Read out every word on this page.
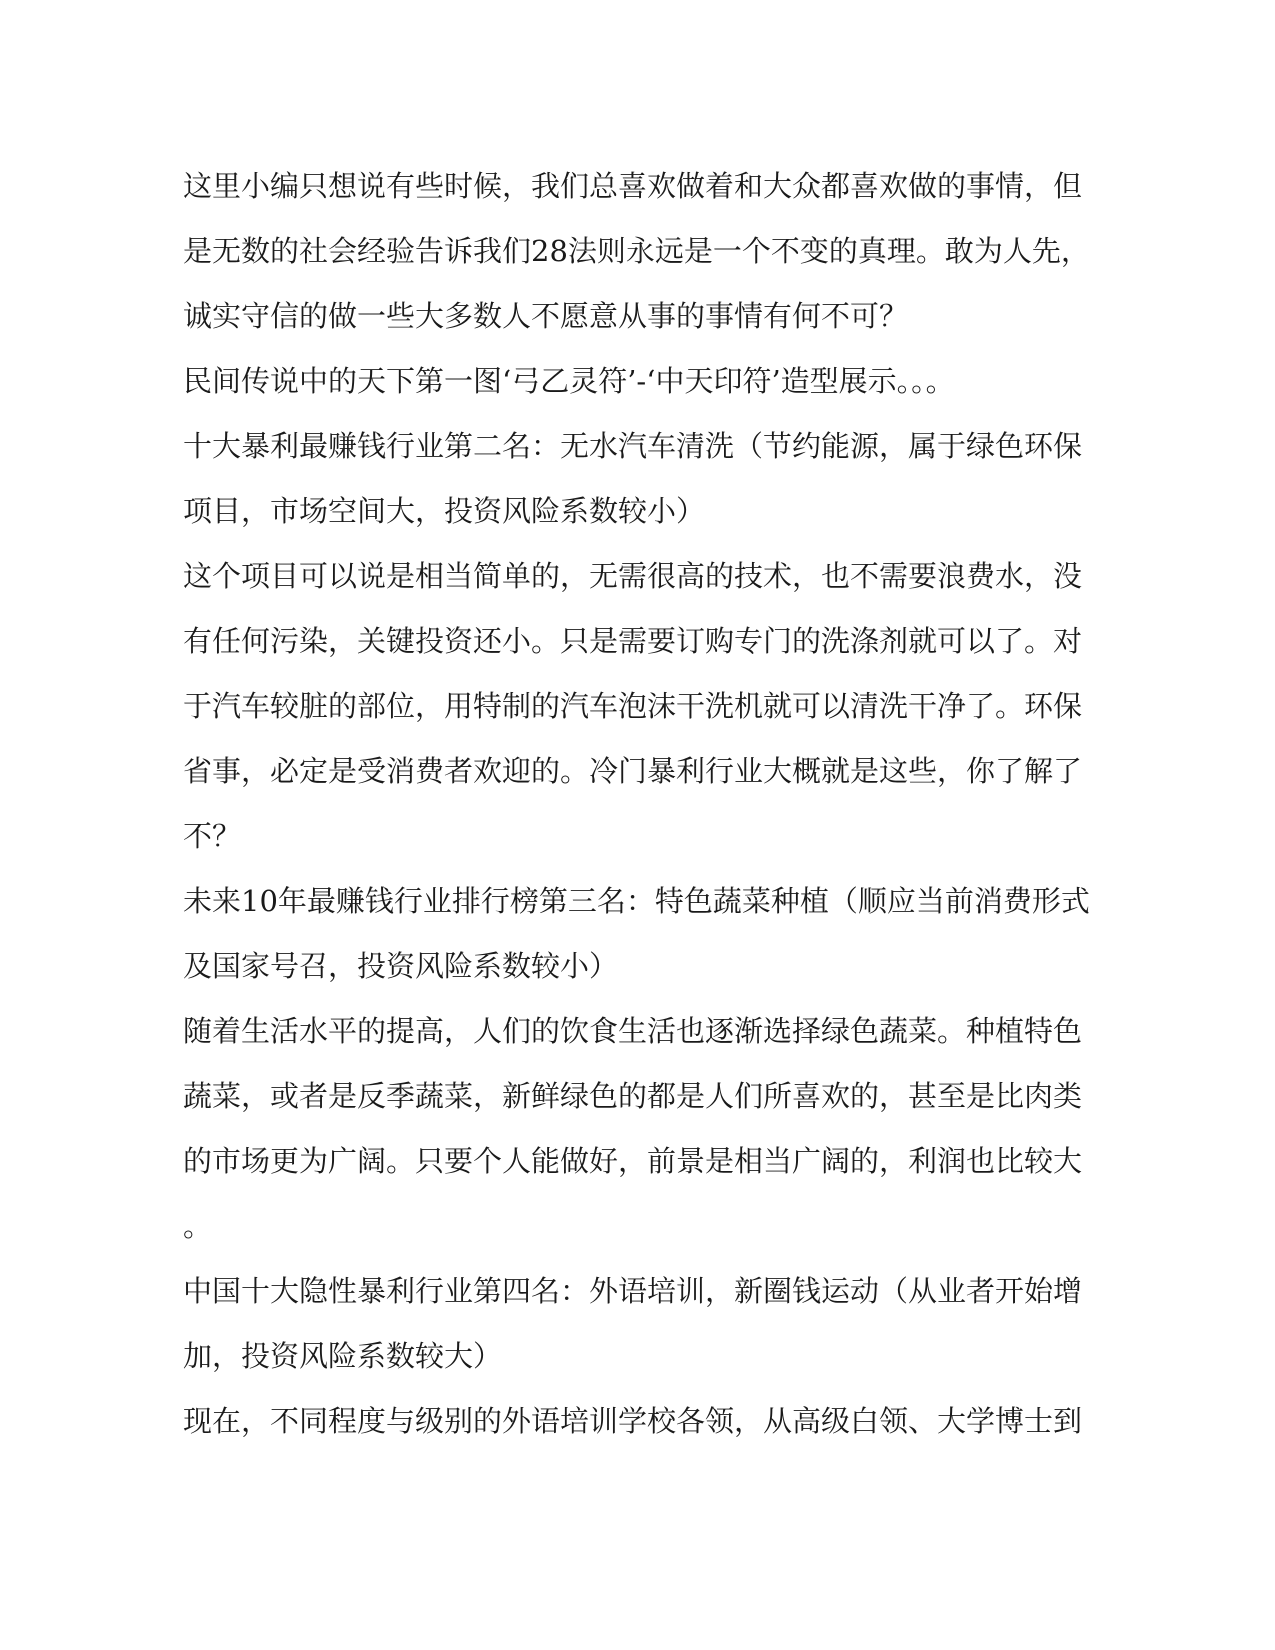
这里小编只想说有些时候，我们总喜欢做着和大众都喜欢做的事情，但
是无数的社会经验告诉我们28法则永远是一个不变的真理。敢为人先，
诚实守信的做一些大多数人不愿意从事的事情有何不可？
民间传说中的天下第一图‘弓乙灵符’-‘中天印符’造型展示。。。
十大暴利最赚钱行业第二名：无水汽车清洗（节约能源，属于绿色环保
项目，市场空间大，投资风险系数较小）
这个项目可以说是相当简单的，无需很高的技术，也不需要浪费水，没
有任何污染，关键投资还小。只是需要订购专门的洗涤剂就可以了。对
于汽车较脏的部位，用特制的汽车泡沫干洗机就可以清洗干净了。环保
省事，必定是受消费者欢迎的。冷门暴利行业大概就是这些，你了解了
不？
未来10年最赚钱行业排行榜第三名：特色蔬菜种植（顺应当前消费形式
及国家号召，投资风险系数较小）
随着生活水平的提高，人们的饮食生活也逐渐选择绿色蔬菜。种植特色
蔬菜，或者是反季蔬菜，新鲜绿色的都是人们所喜欢的，甚至是比肉类
的市场更为广阔。只要个人能做好，前景是相当广阔的，利润也比较大
。
中国十大隐性暴利行业第四名：外语培训，新圈钱运动（从业者开始增
加，投资风险系数较大）
现在，不同程度与级别的外语培训学校各领，从高级白领、大学博士到
